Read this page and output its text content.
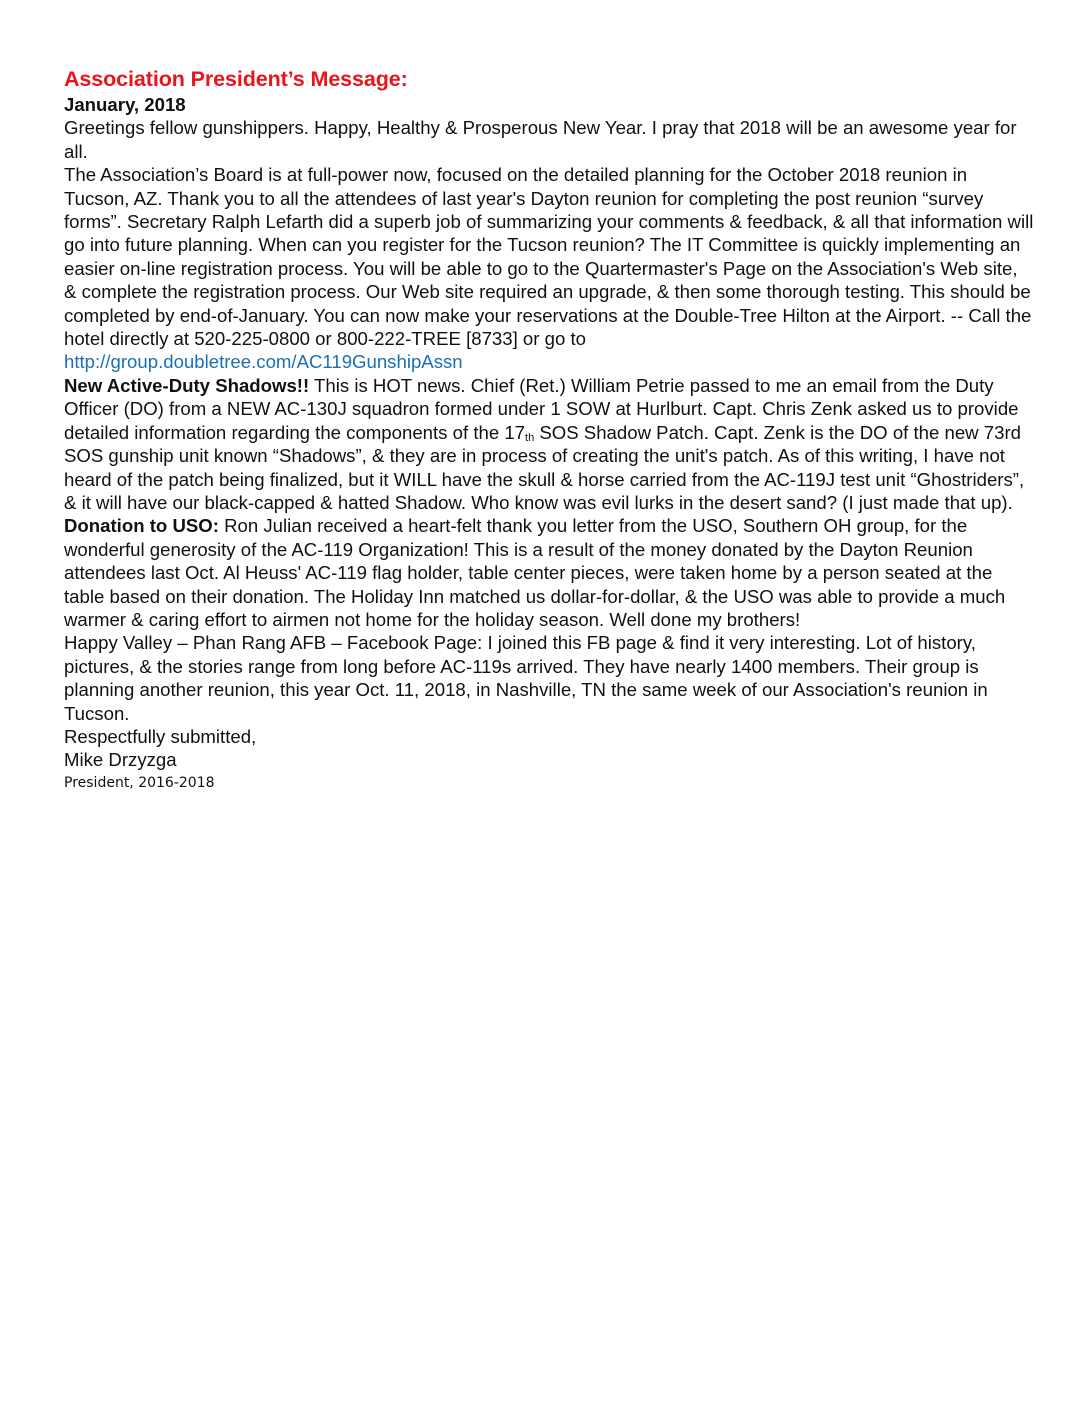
Association President’s Message:
January, 2018

Greetings fellow gunshippers. Happy, Healthy & Prosperous New Year. I pray that 2018 will be an awesome year for all.

The Association’s Board is at full-power now, focused on the detailed planning for the October 2018 reunion in Tucson, AZ. Thank you to all the attendees of last year's Dayton reunion for completing the post reunion “survey forms”. Secretary Ralph Lefarth did a superb job of summarizing your comments & feedback, & all that information will go into future planning. When can you register for the Tucson reunion? The IT Committee is quickly implementing an easier on-line registration process. You will be able to go to the Quartermaster's Page on the Association's Web site, & complete the registration process. Our Web site required an upgrade, & then some thorough testing. This should be completed by end-of-January. You can now make your reservations at the Double-Tree Hilton at the Airport. -- Call the hotel directly at 520-225-0800 or 800-222-TREE [8733] or go to
http://group.doubletree.com/AC119GunshipAssn

New Active-Duty Shadows!! This is HOT news. Chief (Ret.) William Petrie passed to me an email from the Duty Officer (DO) from a NEW AC-130J squadron formed under 1 SOW at Hurlburt. Capt. Chris Zenk asked us to provide detailed information regarding the components of the $17_{th}$ SOS Shadow Patch. Capt. Zenk is the DO of the new 73rd SOS gunship unit known “Shadows”, & they are in process of creating the unit's patch. As of this writing, I have not heard of the patch being finalized, but it WILL have the skull & horse carried from the AC-119J test unit “Ghostriders”, & it will have our black-capped & hatted Shadow. Who know was evil lurks in the desert sand? (I just made that up).

Donation to USO: Ron Julian received a heart-felt thank you letter from the USO, Southern OH group, for the wonderful generosity of the AC-119 Organization! This is a result of the money donated by the Dayton Reunion attendees last Oct. Al Heuss' AC-119 flag holder, table center pieces, were taken home by a person seated at the table based on their donation. The Holiday Inn matched us dollar-for-dollar, & the USO was able to provide a much warmer & caring effort to airmen not home for the holiday season. Well done my brothers!

Happy Valley – Phan Rang AFB – Facebook Page: I joined this FB page & find it very interesting. Lot of history, pictures, & the stories range from long before AC-119s arrived. They have nearly 1400 members. Their group is planning another reunion, this year Oct. 11, 2018, in Nashville, TN the same week of our Association's reunion in Tucson.

Respectfully submitted,
Mike Drzyzga
President, 2016-2018
